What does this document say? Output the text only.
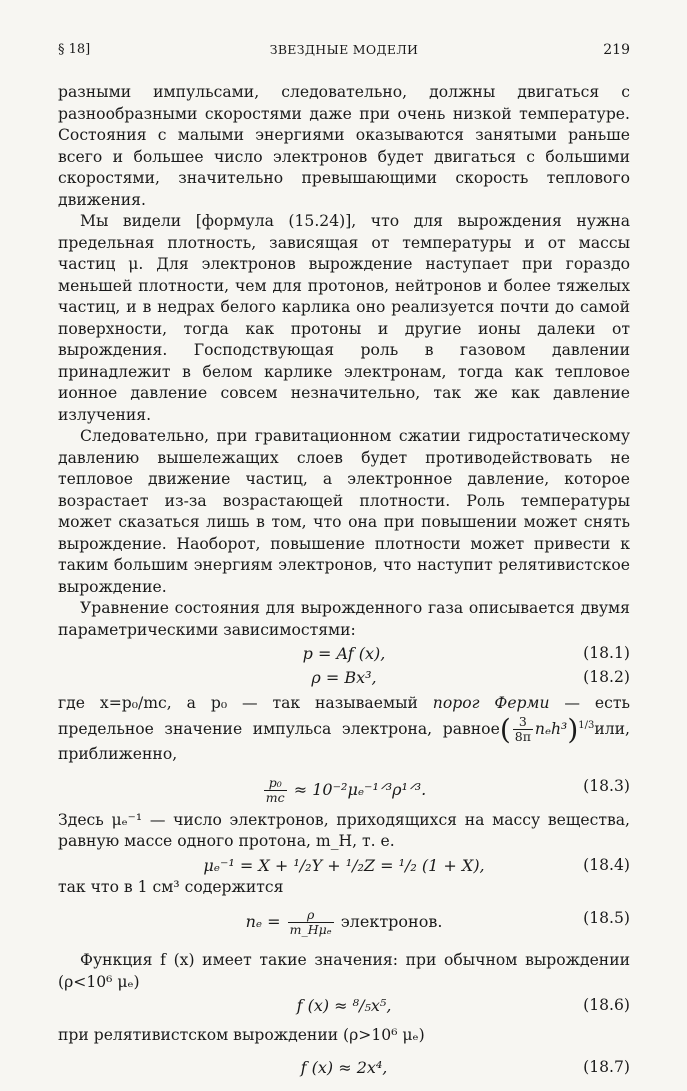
§ 18]	ЗВЕЗДНЫЕ МОДЕЛИ	219

разными импульсами, следовательно, должны двигаться с разнообразными скоростями даже при очень низкой температуре. Состояния с малыми энергиями оказываются занятыми раньше всего и большее число электронов будет двигаться с большими скоростями, значительно превышающими скорость теплового движения.

Мы видели [формула (15.24)], что для вырождения нужна предельная плотность, зависящая от температуры и от массы частиц μ. Для электронов вырождение наступает при гораздо меньшей плотности, чем для протонов, нейтронов и более тяжелых частиц, и в недрах белого карлика оно реализуется почти до самой поверхности, тогда как протоны и другие ионы далеки от вырождения. Господствующая роль в газовом давлении принадлежит в белом карлике электронам, тогда как тепловое ионное давление совсем незначительно, так же как давление излучения.

Следовательно, при гравитационном сжатии гидростатическому давлению вышележащих слоев будет противодействовать не тепловое движение частиц, а электронное давление, которое возрастает из-за возрастающей плотности. Роль температуры может сказаться лишь в том, что она при повышении может снять вырождение. Наоборот, повышение плотности может привести к таким большим энергиям электронов, что наступит релятивистское вырождение.

Уравнение состояния для вырожденного газа описывается двумя параметрическими зависимостями:

p = Af (x),	(18.1)
ρ = Bx³,	(18.2)

где x=p₀/mc, а p₀ — так называемый порог Ферми — есть предельное значение импульса электрона, равное( $\frac{3}{8\pi} n_eh^3)^{1/3}или$, приближенно,

$\frac{\text{p₀}}{mc}$ ≈ 10⁻²μₑ⁻¹ᐟ³ρ¹ᐟ³.	(18.3)

Здесь μₑ⁻¹ — число электронов, приходящихся на массу вещества, равную массе одного протона, m_H, т. е.

μₑ⁻¹ = X + ¹/₂Y + ¹/₂Z = ¹/₂ (1 + X),	(18.4)

так что в 1 см³ содержится

$n_e = \frac{\rho}{\text{m\_Hμₑ}}$ электронов.	(18.5)

Функция f (x) имеет такие значения: при обычном вырождении (ρ<10⁶ μₑ)

f (x) ≈ ⁸/₅x⁵,	(18.6)

при релятивистском вырождении (ρ>10⁶ μₑ)

f (x) ≈ 2x⁴,	(18.7)
